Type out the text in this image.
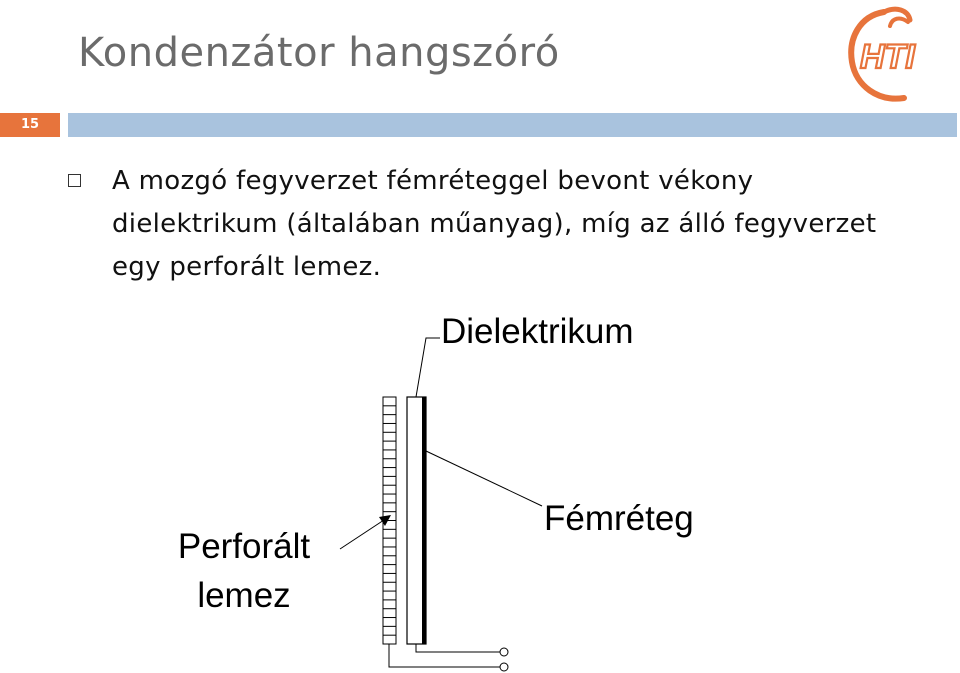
Kondenzátor hangszóró	HTI
15
A mozgó fegyverzet fémréteggel bevont vékony dielektrikum (általában műanyag), míg az álló fegyverzet egy perforált lemez.
Dielektrikum
Fémréteg
Perforált
lemez
